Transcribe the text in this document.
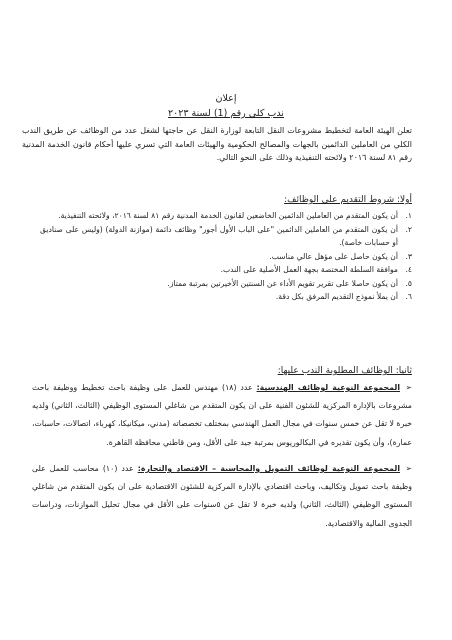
إعلان
ندب كلي رقم (1) لسنة ٢٠٢٣
تعلن الهيئة العامة لتخطيط مشروعات النقل التابعة لوزارة النقل عن حاجتها لشغل عدد من الوظائف عن طريق الندب الكلي من العاملين الدائمين بالجهات والمصالح الحكومية والهيئات العامة التي تسري عليها أحكام قانون الخدمة المدنية رقم ٨١ لسنة ٢٠١٦ ولائحته التنفيذية وذلك على النحو التالي.
أولا: شروط التقديم على الوظائف:
١.
أن يكون المتقدم من العاملين الدائمين الخاضعين لقانون الخدمة المدنية رقم ٨١ لسنة ٢٠١٦، ولائحته التنفيذية.
٢.
أن يكون المتقدم من العاملين الدائمين "على الباب الأول أجور" وظائف دائمة (موازنة الدولة) (وليس على صناديق أو حسابات خاصة).
٣.
أن يكون حاصل على مؤهل عالي مناسب.
٤.
موافقة السلطة المختصة بجهة العمل الأصلية على الندب.
٥.
أن يكون حاصلا على تقرير تقويم الأداء عن السنتين الأخيرتين بمرتبة ممتاز.
٦.
أن يملأ نموذج التقديم المرفق بكل دقة.
ثانيا: الوظائف المطلوبة الندب عليها:
➢المجموعة النوعية لوظائف الهندسية: عدد (١٨) مهندس للعمل على وظيفة باحث تخطيط ووظيفة باحث مشروعات بالإدارة المركزية للشئون الفنية على ان يكون المتقدم من شاغلي المستوى الوظيفي (الثالث، الثاني) ولديه خبرة لا تقل عن خمس سنوات في مجال العمل الهندسي بمختلف تخصصاته (مدني، ميكانيكا، كهرباء، اتصالات، حاسبات، عمارة)، وأن يكون تقديره في البكالوريوس بمرتبة جيد على الأقل، ومن قاطني محافظة القاهرة.
➢المجموعة النوعية لوظائف التمويل والمحاسبة – الاقتصاد والتجارة: عدد (١٠) محاسب للعمل على وظيفة باحث تمويل وتكاليف، وباحث اقتصادي بالإدارة المركزية للشئون الاقتصادية على ان يكون المتقدم من شاغلي المستوى الوظيفي (الثالث، الثاني) ولديه خبرة لا تقل عن ٥سنوات على الأقل في مجال تحليل الموازنات، ودراسات الجدوى المالية والاقتصادية.
